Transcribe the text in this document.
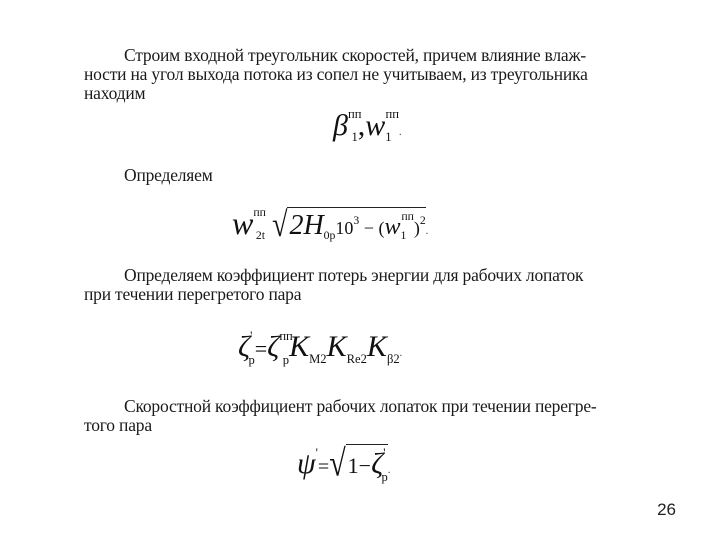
Строим входной треугольник скоростей, причем влияние влаж-
ности на угол выхода потока из сопел не учитываем, из треугольника
находим
$\beta^{пп}_1,w_1^{пп}$.
Определяем
$w^{пп}2t$ $√2H0p10^3 - (w1^{пп})^2$.
Определяем коэффициент потерь энергии для рабочих лопаток
при течении перегретого пара
$\zeta'_р=\zeta^{пп}_рK_{M2}K_{Re2}K_{\beta 2}$.
Скоростной коэффициент рабочих лопаток при течении перегре-
того пара
$\psi'=√1-\zeta'_р$.
26
